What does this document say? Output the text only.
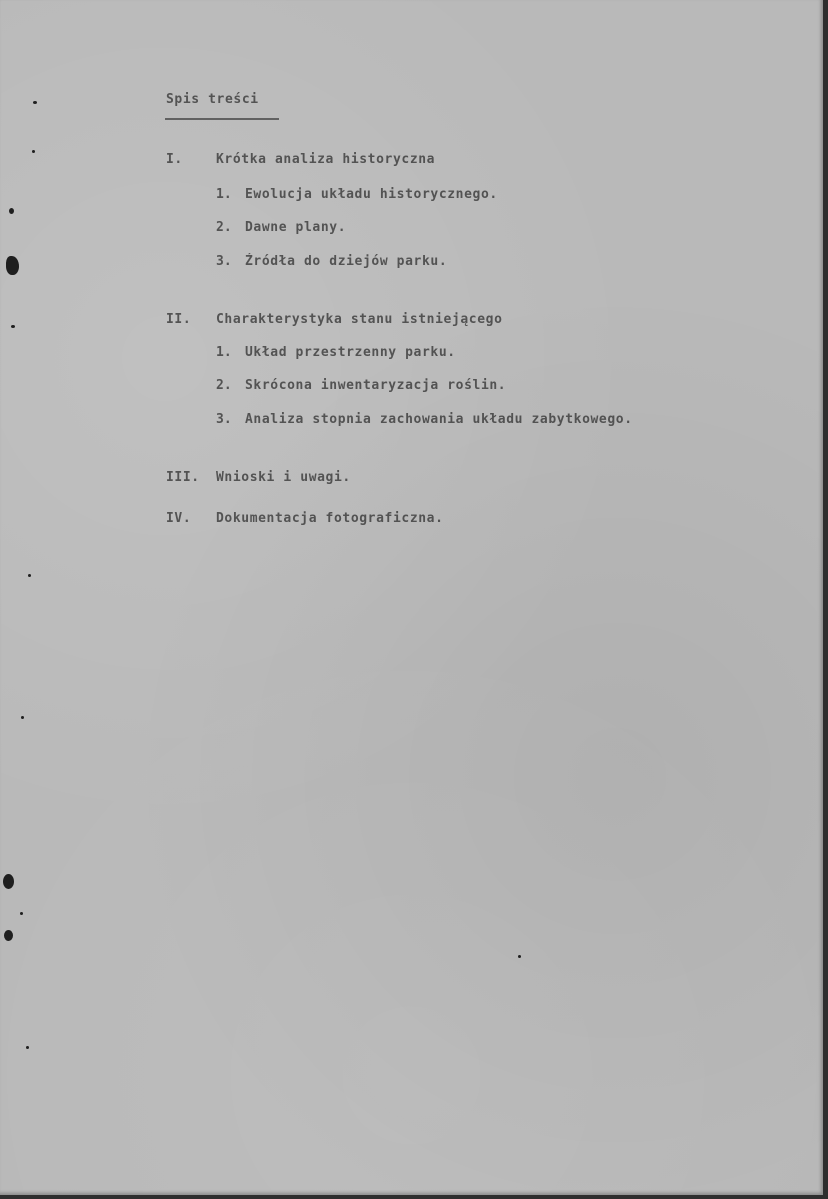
Spis treści
I.	Krótka analiza historyczna
1. Ewolucja układu historycznego.
2. Dawne plany.
3. Źródła do dziejów parku.
II. Charakterystyka stanu istniejącego
1. Układ przestrzenny parku.
2. Skrócona inwentaryzacja roślin.
3. Analiza stopnia zachowania układu zabytkowego.
III. Wnioski i uwagi.
IV. Dokumentacja fotograficzna.
